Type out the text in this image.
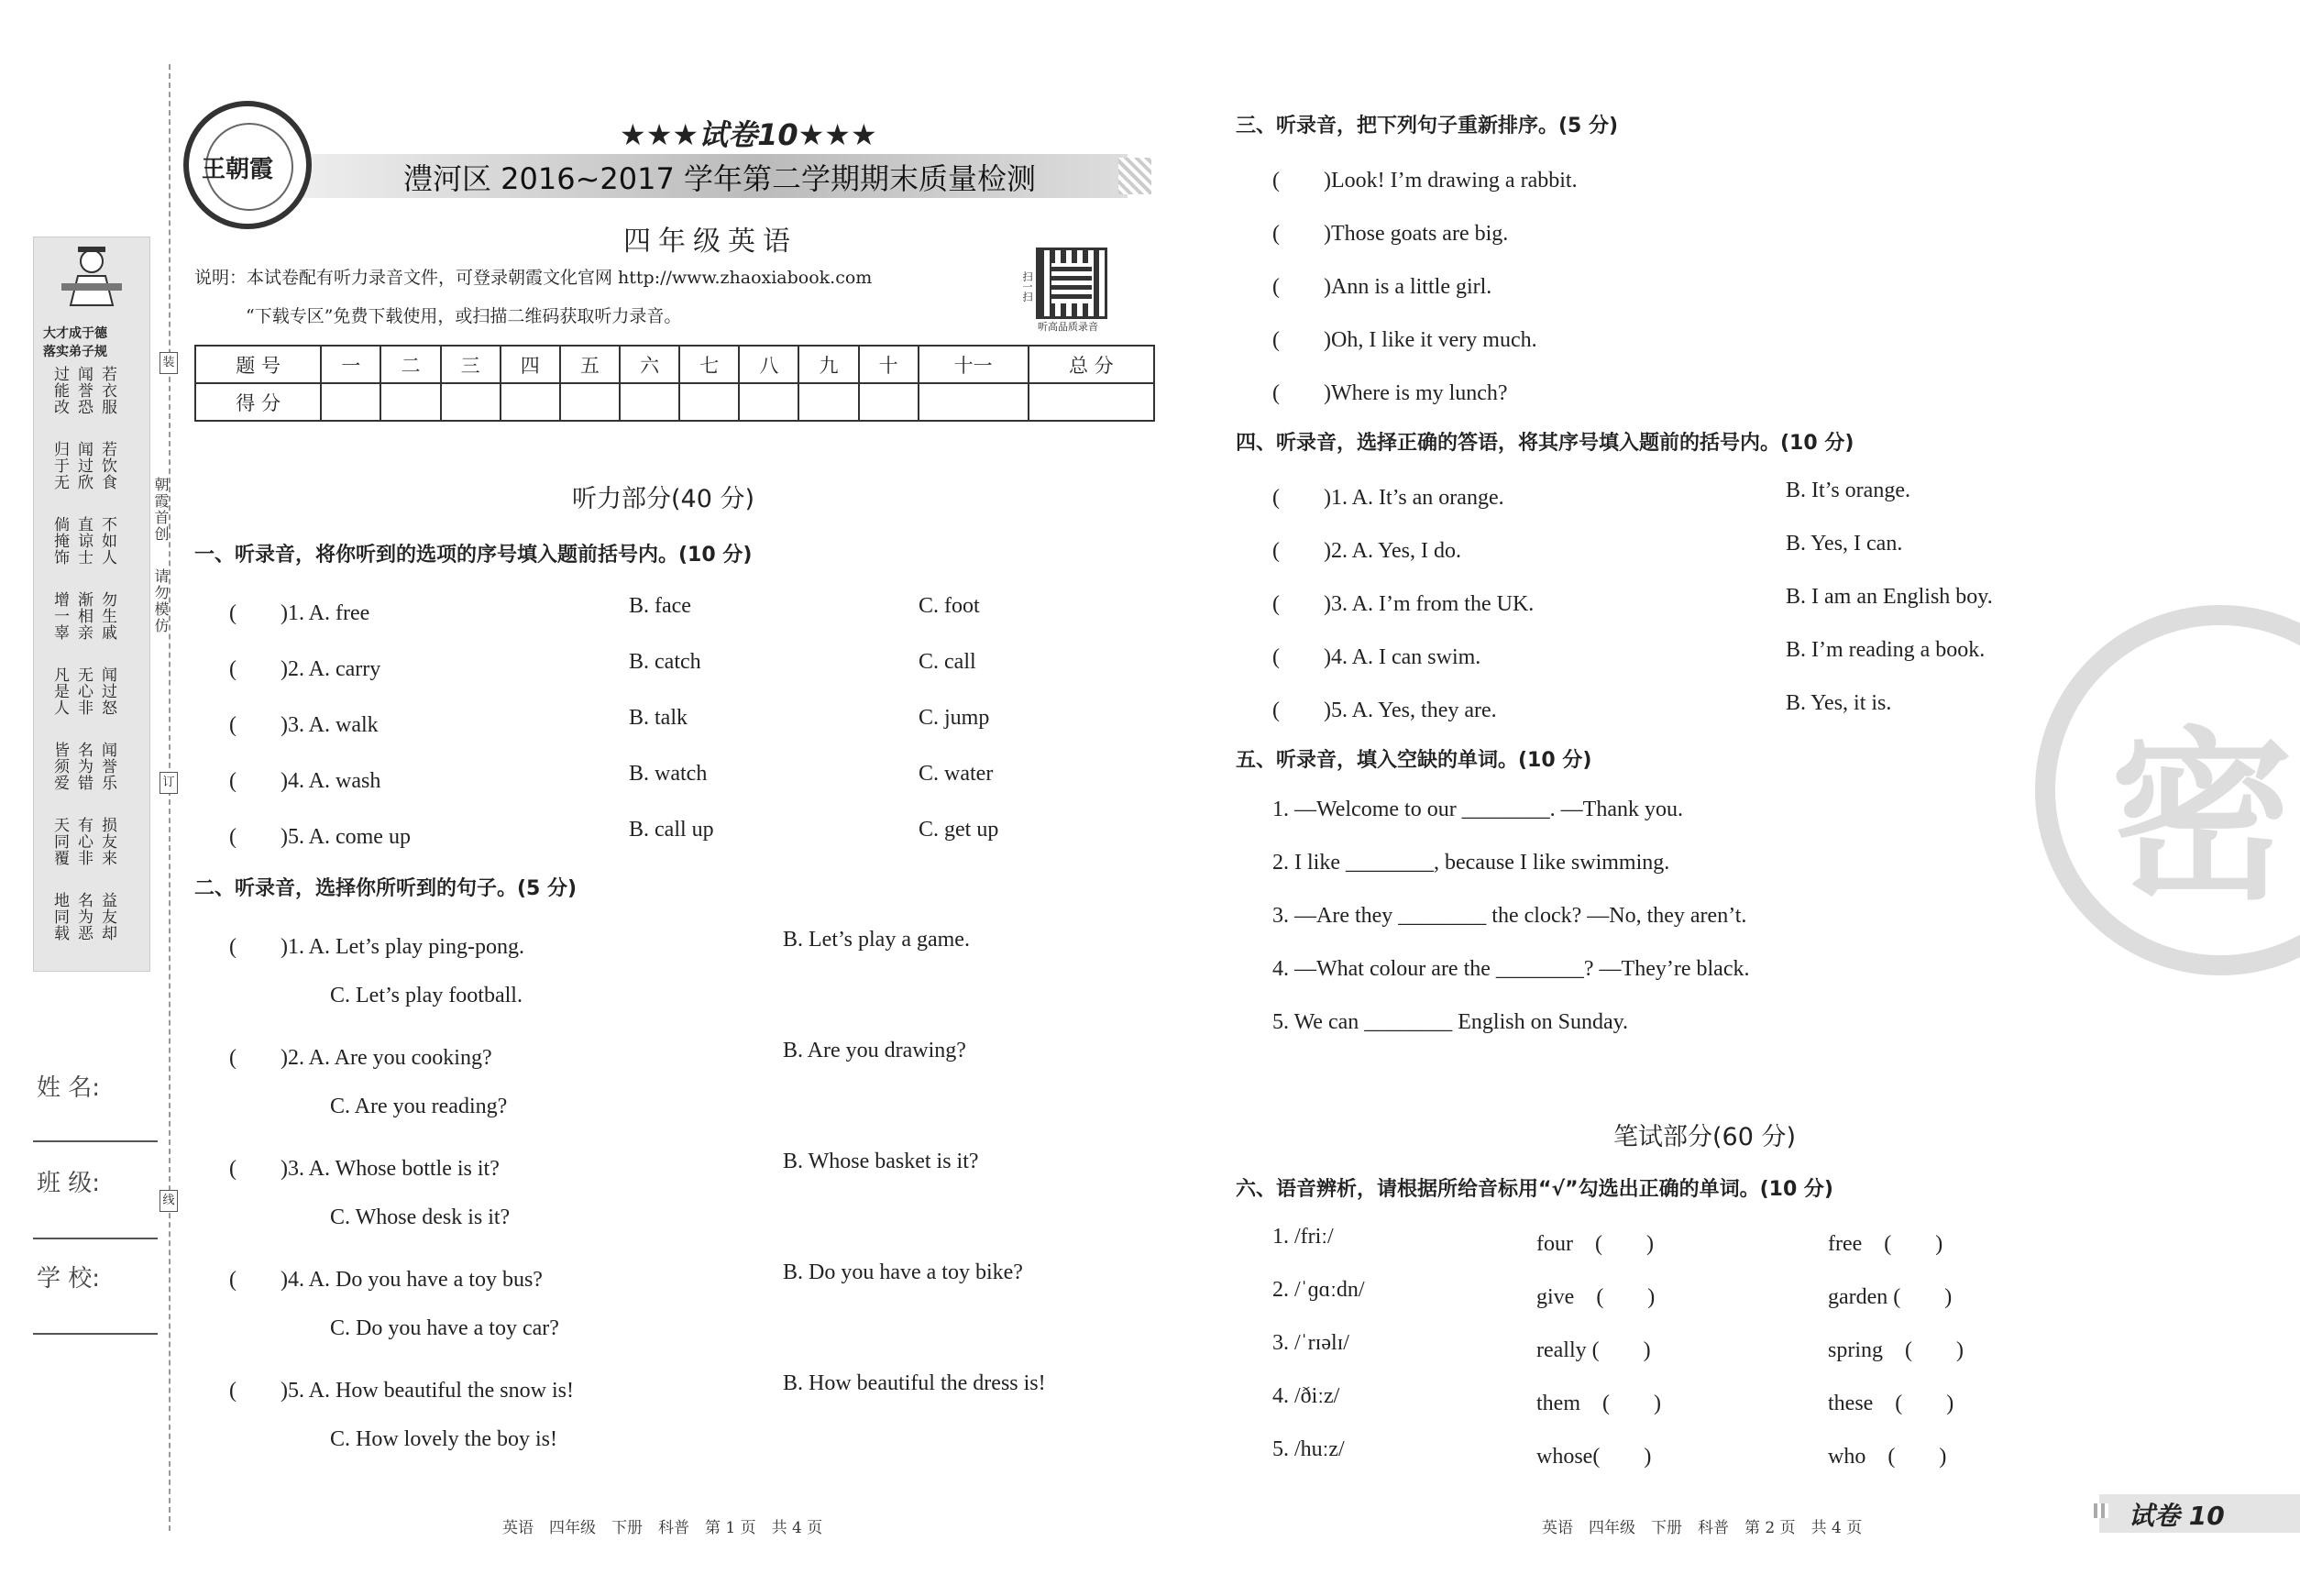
大才成于德
落实弟子规
过能改 闻誉恐 若衣服
归于无 闻过欣 若饮食
倘掩饰 直谅士 不如人
增一辜 渐相亲 勿生戚
凡是人 无心非 闻过怒
皆须爱 名为错 闻誉乐
天同覆 有心非 损友来
地同载 名为恶 益友却
朝霞首创
请勿模仿
装
订
线
姓 名:
班 级:
学 校:
王朝霞
★★★试卷10★★★
澧河区 2016~2017 学年第二学期期末质量检测
四年级英语
说明：本试卷配有听力录音文件，可登录朝霞文化官网 http://www.zhaoxiabook.com
“下载专区”免费下载使用，或扫描二维码获取听力录音。
扫一扫
听高品质录音
题 号	一	二	三	四	五	六	七	八	九	十	十一	总 分
得 分												
听力部分(40 分)
一、听录音，将你听到的选项的序号填入题前括号内。(10 分)
(　　)1. A. free	B. face	C. foot
(　　)2. A. carry	B. catch	C. call
(　　)3. A. walk	B. talk	C. jump
(　　)4. A. wash	B. watch	C. water
(　　)5. A. come up	B. call up	C. get up
二、听录音，选择你所听到的句子。(5 分)
(　　)1. A. Let’s play ping-pong.	B. Let’s play a game.
C. Let’s play football.
(　　)2. A. Are you cooking?	B. Are you drawing?
C. Are you reading?
(　　)3. A. Whose bottle is it?	B. Whose basket is it?
C. Whose desk is it?
(　　)4. A. Do you have a toy bus?	B. Do you have a toy bike?
C. Do you have a toy car?
(　　)5. A. How beautiful the snow is!	B. How beautiful the dress is!
C. How lovely the boy is!
英语　四年级　下册　科普　第 1 页　共 4 页
三、听录音，把下列句子重新排序。(5 分)
(　　)Look! I’m drawing a rabbit.
(　　)Those goats are big.
(　　)Ann is a little girl.
(　　)Oh, I like it very much.
(　　)Where is my lunch?
四、听录音，选择正确的答语，将其序号填入题前的括号内。(10 分)
(　　)1. A. It’s an orange.	B. It’s orange.
(　　)2. A. Yes, I do.	B. Yes, I can.
(　　)3. A. I’m from the UK.	B. I am an English boy.
(　　)4. A. I can swim.	B. I’m reading a book.
(　　)5. A. Yes, they are.	B. Yes, it is.
五、听录音，填入空缺的单词。(10 分)
1. —Welcome to our ________. —Thank you.
2. I like ________, because I like swimming.
3. —Are they ________ the clock? —No, they aren’t.
4. —What colour are the ________? —They’re black.
5. We can ________ English on Sunday.
笔试部分(60 分)
六、语音辨析，请根据所给音标用“√”勾选出正确的单词。(10 分)
1. /friː/	four　(　　)	free　(　　)
2. /ˈɡɑːdn/	give　(　　)	garden (　　)
3. /ˈrɪəlɪ/	really (　　)	spring　(　　)
4. /ðiːz/	them　(　　)	these　(　　)
5. /huːz/	whose(　　)	who　(　　)
密
英语　四年级　下册　科普　第 2 页　共 4 页	试卷 10
